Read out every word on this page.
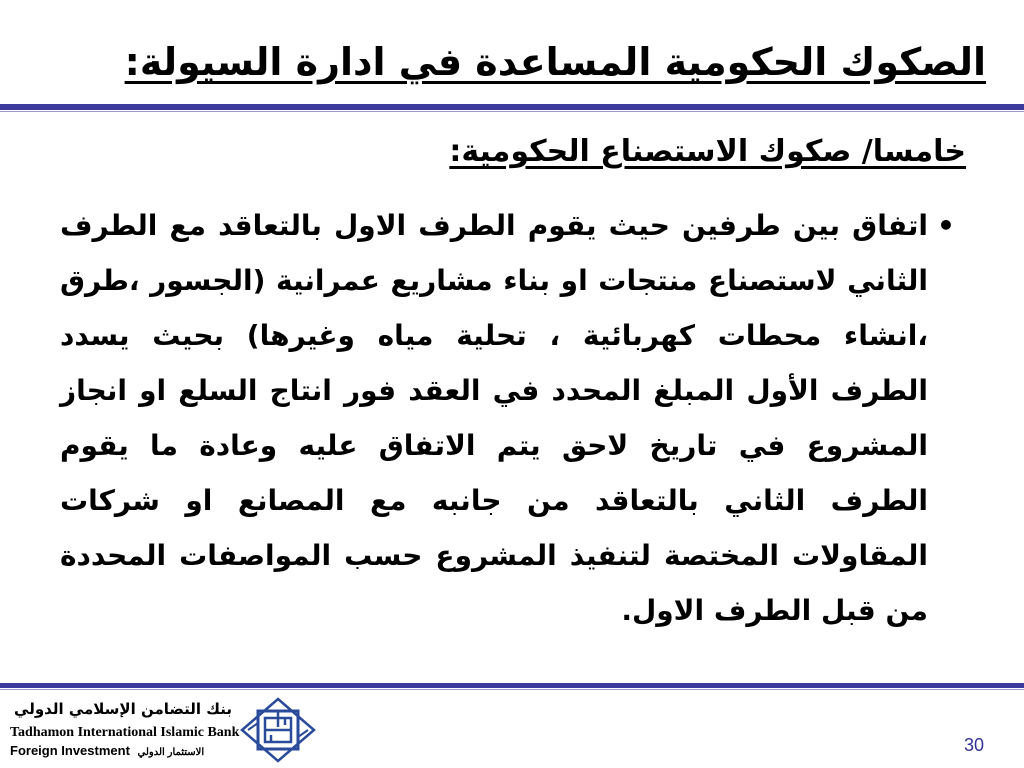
الصكوك الحكومية المساعدة في ادارة السيولة:
خامسا/ صكوك الاستصناع الحكومية:
•
اتفاق بين طرفين حيث يقوم الطرف الاول بالتعاقد مع الطرف الثاني لاستصناع منتجات او بناء مشاريع عمرانية (الجسور ،طرق ،انشاء محطات كهربائية ، تحلية مياه وغيرها) بحيث يسدد الطرف الأول المبلغ المحدد في العقد فور انتاج السلع او انجاز المشروع في تاريخ لاحق يتم الاتفاق عليه وعادة ما يقوم الطرف الثاني بالتعاقد من جانبه مع المصانع او شركات المقاولات المختصة لتنفيذ المشروع حسب المواصفات المحددة من قبل الطرف الاول.
بنك التضامن الإسلامي الدولي
Tadhamon International Islamic Bank
Foreign Investment الاستثمار الدولي	30
